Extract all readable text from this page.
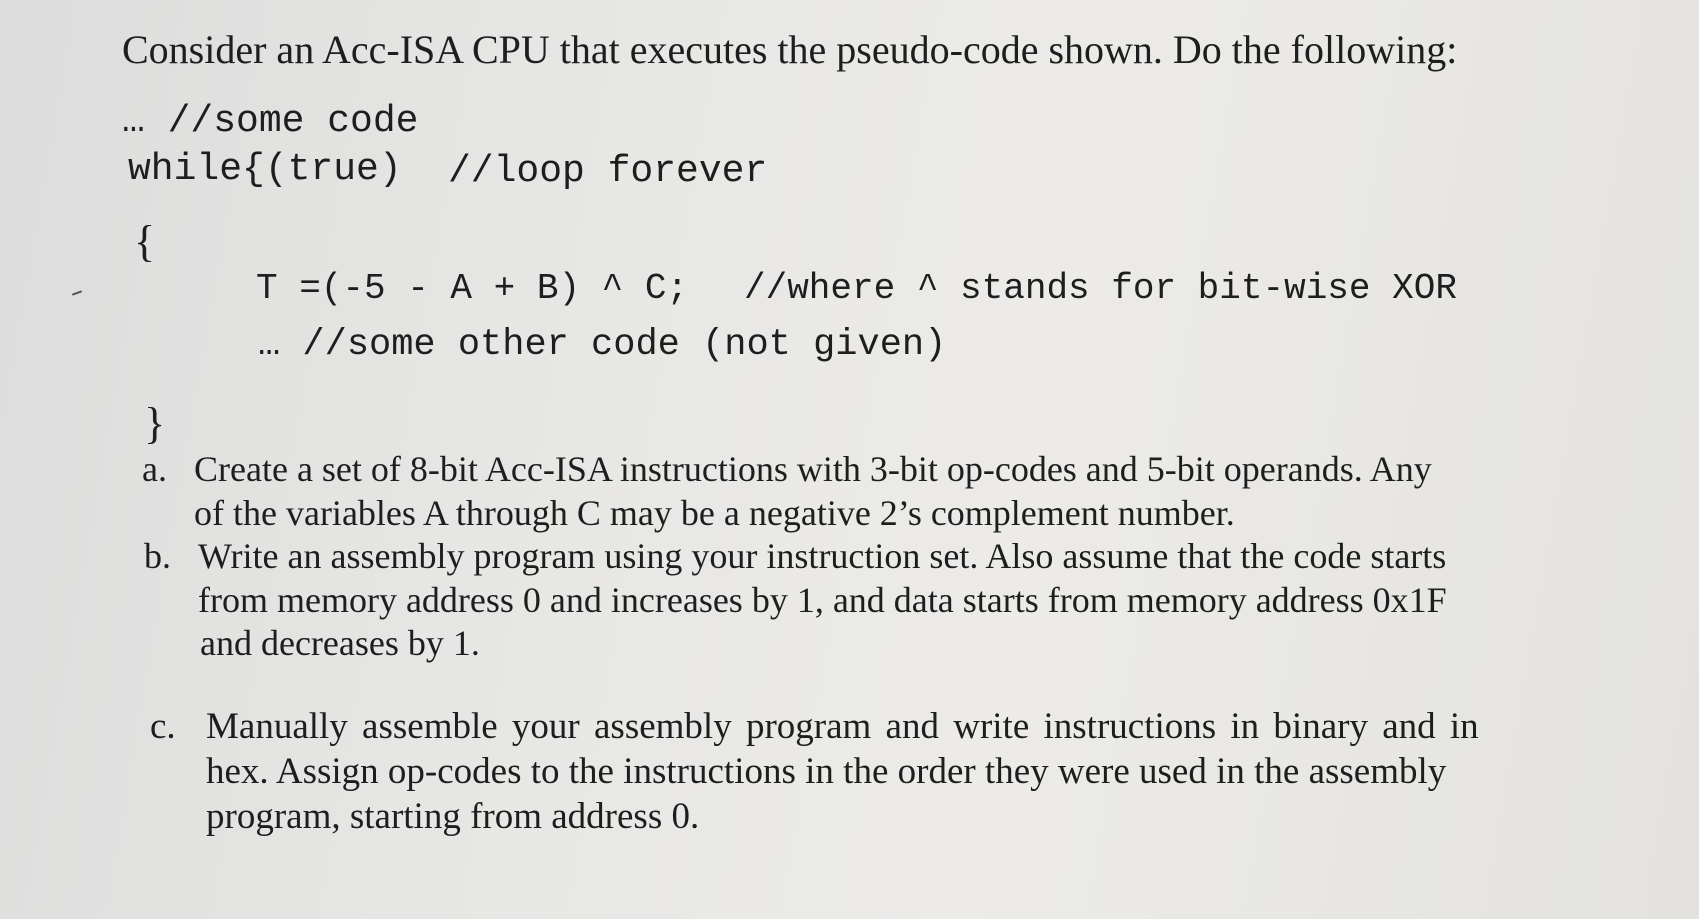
Consider an Acc-ISA CPU that executes the pseudo-code shown. Do the following:
… //some code
while{(true) //loop forever
{
T =(-5 - A + B) ^ C; //where ^ stands for bit-wise XOR
… //some other code (not given)
}
a. Create a set of 8-bit Acc-ISA instructions with 3-bit op-codes and 5-bit operands. Any
of the variables A through C may be a negative 2’s complement number.
b. Write an assembly program using your instruction set. Also assume that the code starts
from memory address 0 and increases by 1, and data starts from memory address 0x1F
and decreases by 1.
c. Manually assemble your assembly program and write instructions in binary and in
hex. Assign op-codes to the instructions in the order they were used in the assembly
program, starting from address 0.
